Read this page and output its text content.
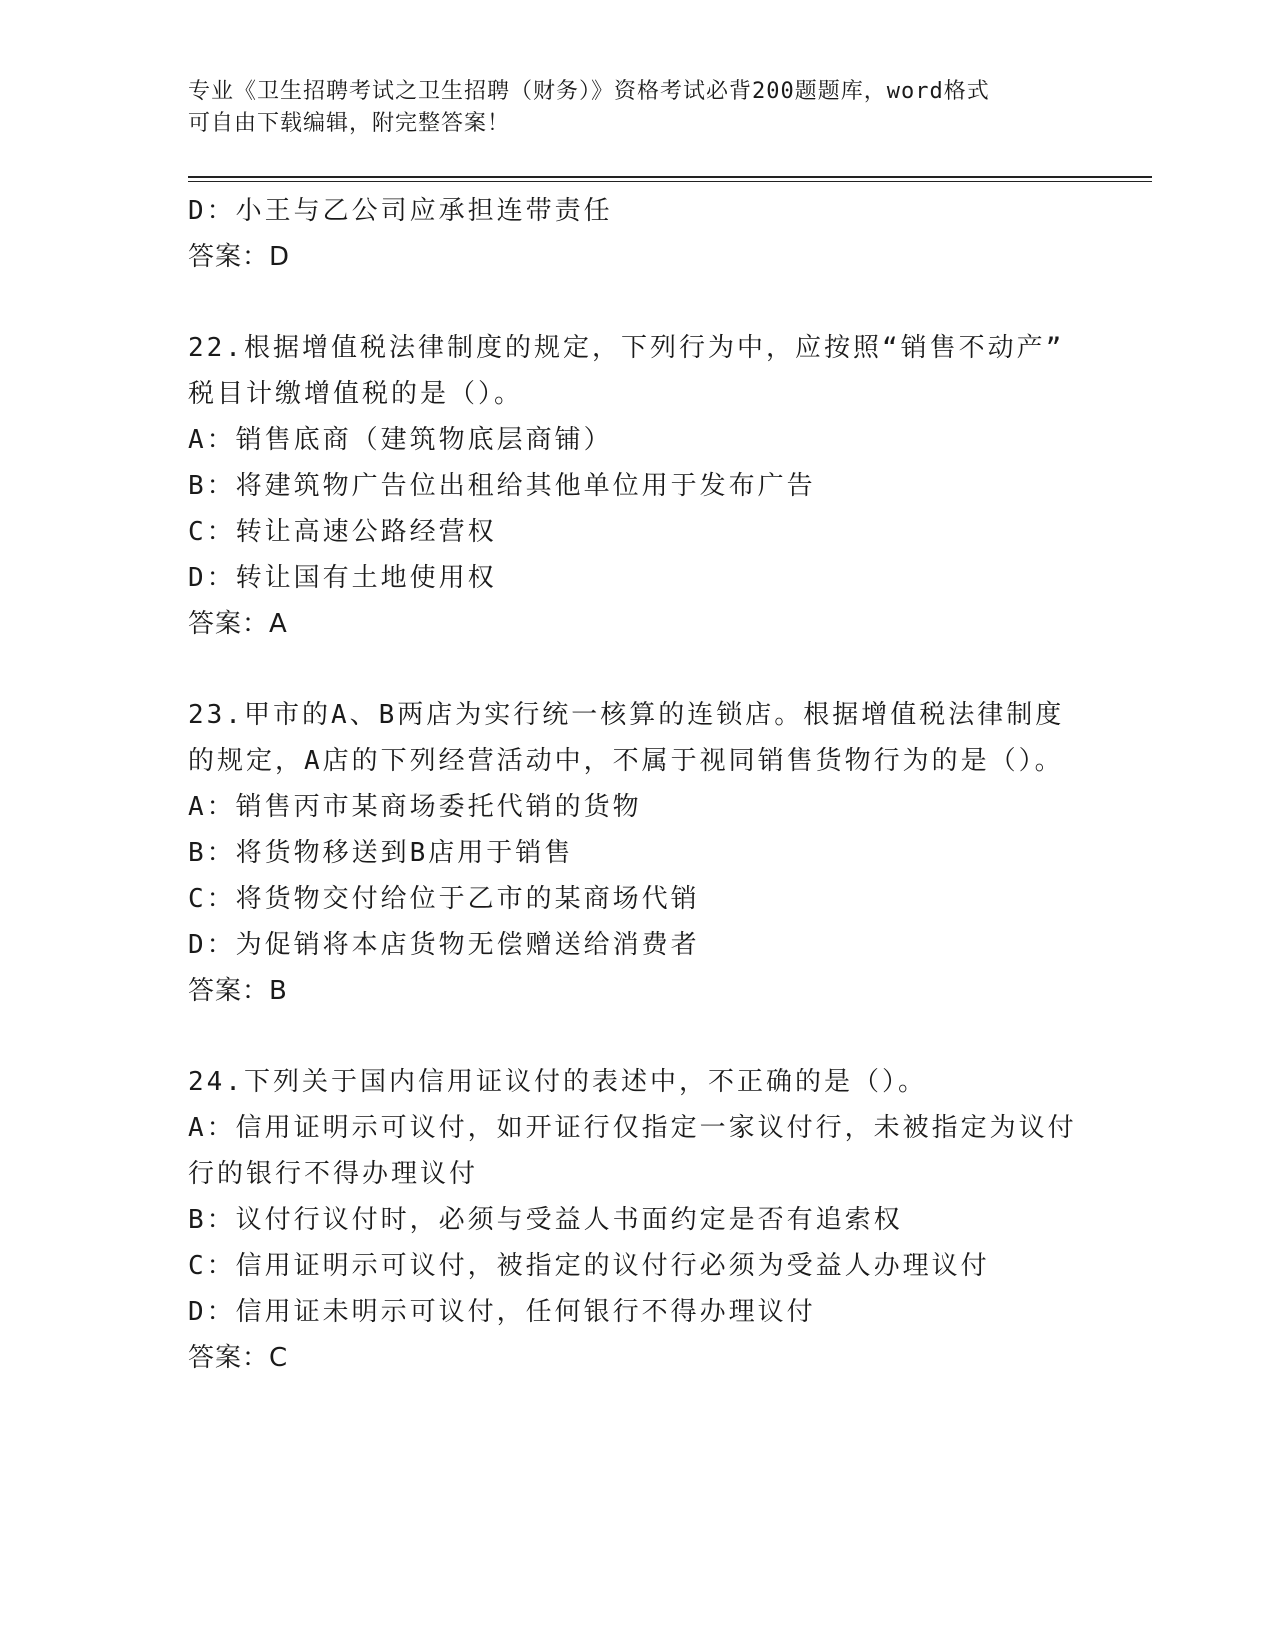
专业《卫生招聘考试之卫生招聘（财务）》资格考试必背200题题库，word格式
可自由下载编辑，附完整答案！
D：小王与乙公司应承担连带责任
答案：D
22.根据增值税法律制度的规定，下列行为中，应按照“销售不动产”
税目计缴增值税的是（）。
A：销售底商（建筑物底层商铺）
B：将建筑物广告位出租给其他单位用于发布广告
C：转让高速公路经营权
D：转让国有土地使用权
答案：A
23.甲市的A、B两店为实行统一核算的连锁店。根据增值税法律制度
的规定，A店的下列经营活动中，不属于视同销售货物行为的是（）。
A：销售丙市某商场委托代销的货物
B：将货物移送到B店用于销售
C：将货物交付给位于乙市的某商场代销
D：为促销将本店货物无偿赠送给消费者
答案：B
24.下列关于国内信用证议付的表述中，不正确的是（）。
A：信用证明示可议付，如开证行仅指定一家议付行，未被指定为议付
行的银行不得办理议付
B：议付行议付时，必须与受益人书面约定是否有追索权
C：信用证明示可议付，被指定的议付行必须为受益人办理议付
D：信用证未明示可议付，任何银行不得办理议付
答案：C
